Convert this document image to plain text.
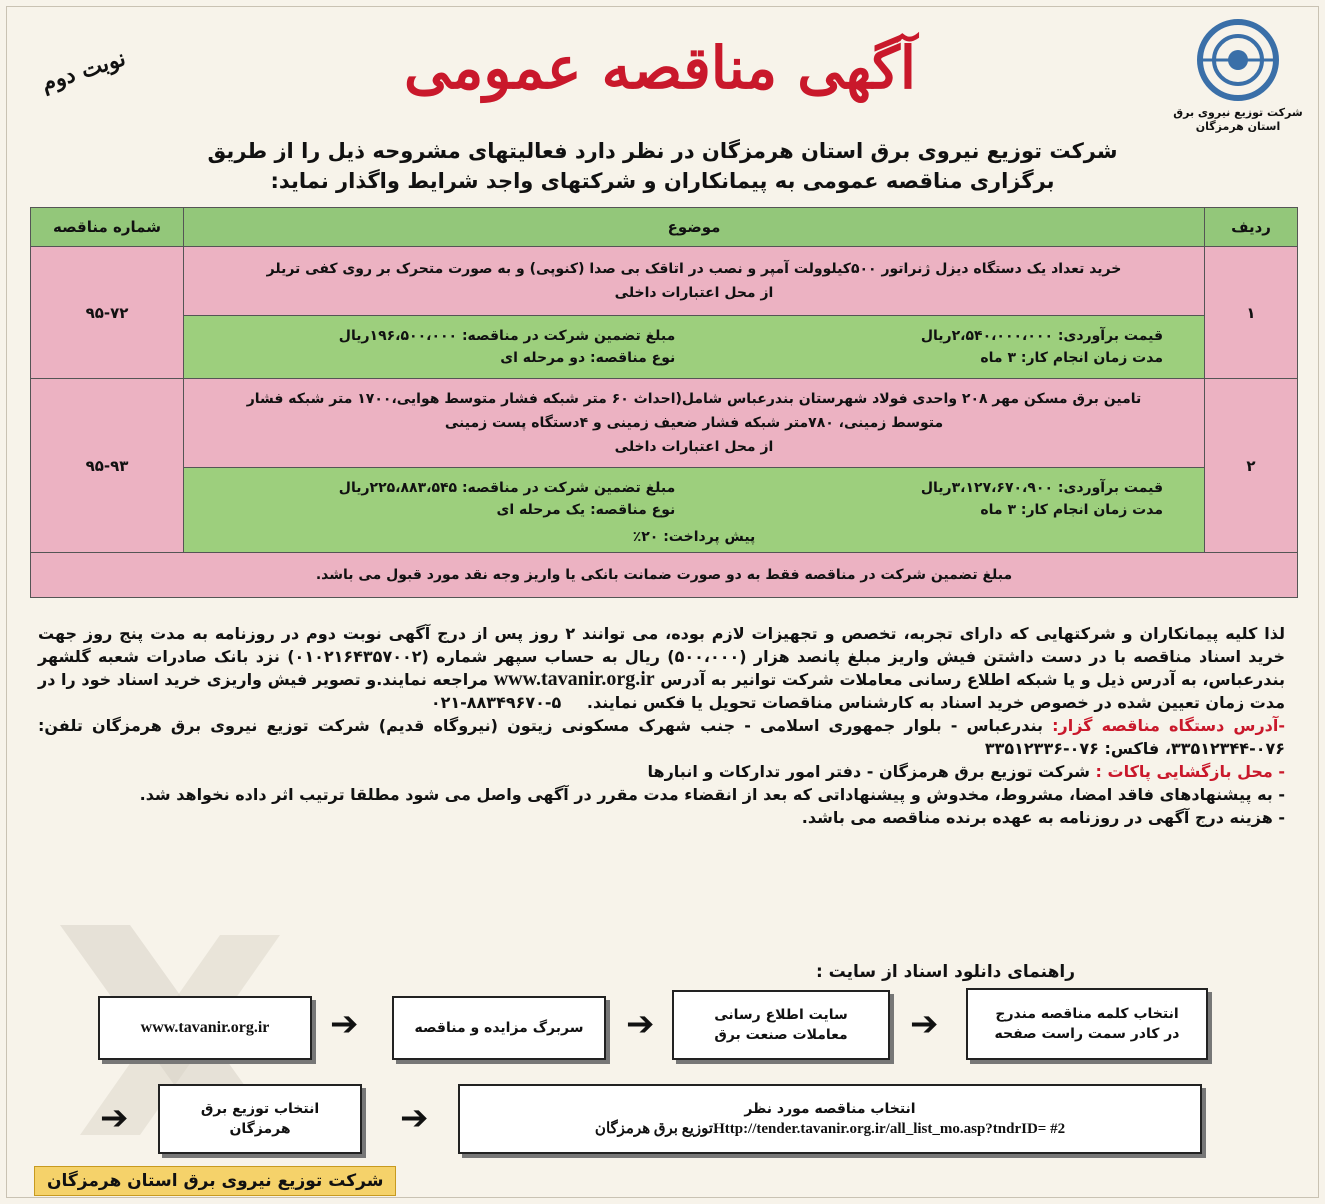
شرکت توزیع نیروی برق استان هرمزگان
نوبت دوم	آگهی مناقصه عمومی
شرکت توزیع نیروی برق استان هرمزگان در نظر دارد فعالیتهای مشروحه ذیل را از طریق
برگزاری مناقصه عمومی به پیمانکاران و شرکتهای واجد شرایط واگذار نماید:
ردیف	موضوع	شماره مناقصه
۱	خرید تعداد یک دستگاه دیزل ژنراتور ۵۰۰کیلوولت آمپر و نصب در اتاقک بی صدا (کنوپی) و به صورت متحرک بر روی کفی تریلر
از محل اعتبارات داخلی	۹۵-۷۲

	قیمت برآوردی: ۲،۵۴۰،۰۰۰،۰۰۰ریال
مدت زمان انجام کار: ۳ ماه
مبلغ تضمین شرکت در مناقصه: ۱۹۶،۵۰۰،۰۰۰ریال
نوع مناقصه: دو مرحله ای	

۲	تامین برق مسکن مهر ۲۰۸ واحدی فولاد شهرستان بندرعباس شامل(احداث ۶۰ متر شبکه فشار متوسط هوایی،۱۷۰۰ متر شبکه فشار
متوسط زمینی، ۷۸۰متر شبکه فشار ضعیف زمینی و ۴دستگاه پست زمینی
از محل اعتبارات داخلی	۹۵-۹۳

	قیمت برآوردی: ۳،۱۲۷،۶۷۰،۹۰۰ریال
مدت زمان انجام کار: ۳ ماه
مبلغ تضمین شرکت در مناقصه: ۲۲۵،۸۸۳،۵۴۵ریال
نوع مناقصه: یک مرحله ای
پیش پرداخت: ۲۰٪	

مبلغ تضمین شرکت در مناقصه فقط به دو صورت ضمانت بانکی یا واریز وجه نقد مورد قبول می باشد.		

لذا کلیه پیمانکاران و شرکتهایی که دارای تجربه، تخصص و تجهیزات لازم بوده، می توانند ۲ روز پس از درج آگهی نوبت دوم در روزنامه به مدت پنج روز جهت خرید اسناد مناقصه با در دست داشتن فیش واریز مبلغ پانصد هزار (۵۰۰،۰۰۰) ریال به حساب سپهر شماره (۰۱۰۲۱۶۴۳۵۷۰۰۲) نزد بانک صادرات شعبه گلشهر بندرعباس، به آدرس ذیل و یا شبکه اطلاع رسانی معاملات شرکت توانیر به آدرس www.tavanir.org.ir مراجعه نمایند.و تصویر فیش واریزی خرید اسناد خود را در مدت زمان تعیین شده در خصوص خرید اسناد به کارشناس مناقصات تحویل یا فکس نمایند. ۰۲۱-۸۸۳۴۹۶۷۰-۵

-آدرس دستگاه مناقصه گزار: بندرعباس - بلوار جمهوری اسلامی - جنب شهرک مسکونی زیتون (نیروگاه قدیم) شرکت توزیع نیروی برق هرمزگان تلفن: ۰۷۶-۳۳۵۱۲۳۴۴، فاکس: ۰۷۶-۳۳۵۱۲۳۳۶

- محل بازگشایی پاکات : شرکت توزیع برق هرمزگان - دفتر امور تدارکات و انبارها

- به پیشنهادهای فاقد امضا، مشروط، مخدوش و پیشنهاداتی که بعد از انقضاء مدت مقرر در آگهی واصل می شود مطلقا ترتیب اثر داده نخواهد شد.

- هزینه درج آگهی در روزنامه به عهده برنده مناقصه می باشد.

راهنمای دانلود اسناد از سایت :
www.tavanir.org.ir ➔	سربرگ مزایده و مناقصه ➔	سایت اطلاع رسانی
معاملات صنعت برق ➔	انتخاب کلمه مناقصه مندرج
در کادر سمت راست صفحه
➔	انتخاب توزیع برق
هرمزگان	➔	انتخاب مناقصه مورد نظر
Http://tender.tavanir.org.ir/all_list_mo.asp?tndrID= #2توزیع برق هرمزگان
شرکت توزیع نیروی برق استان هرمزگان
